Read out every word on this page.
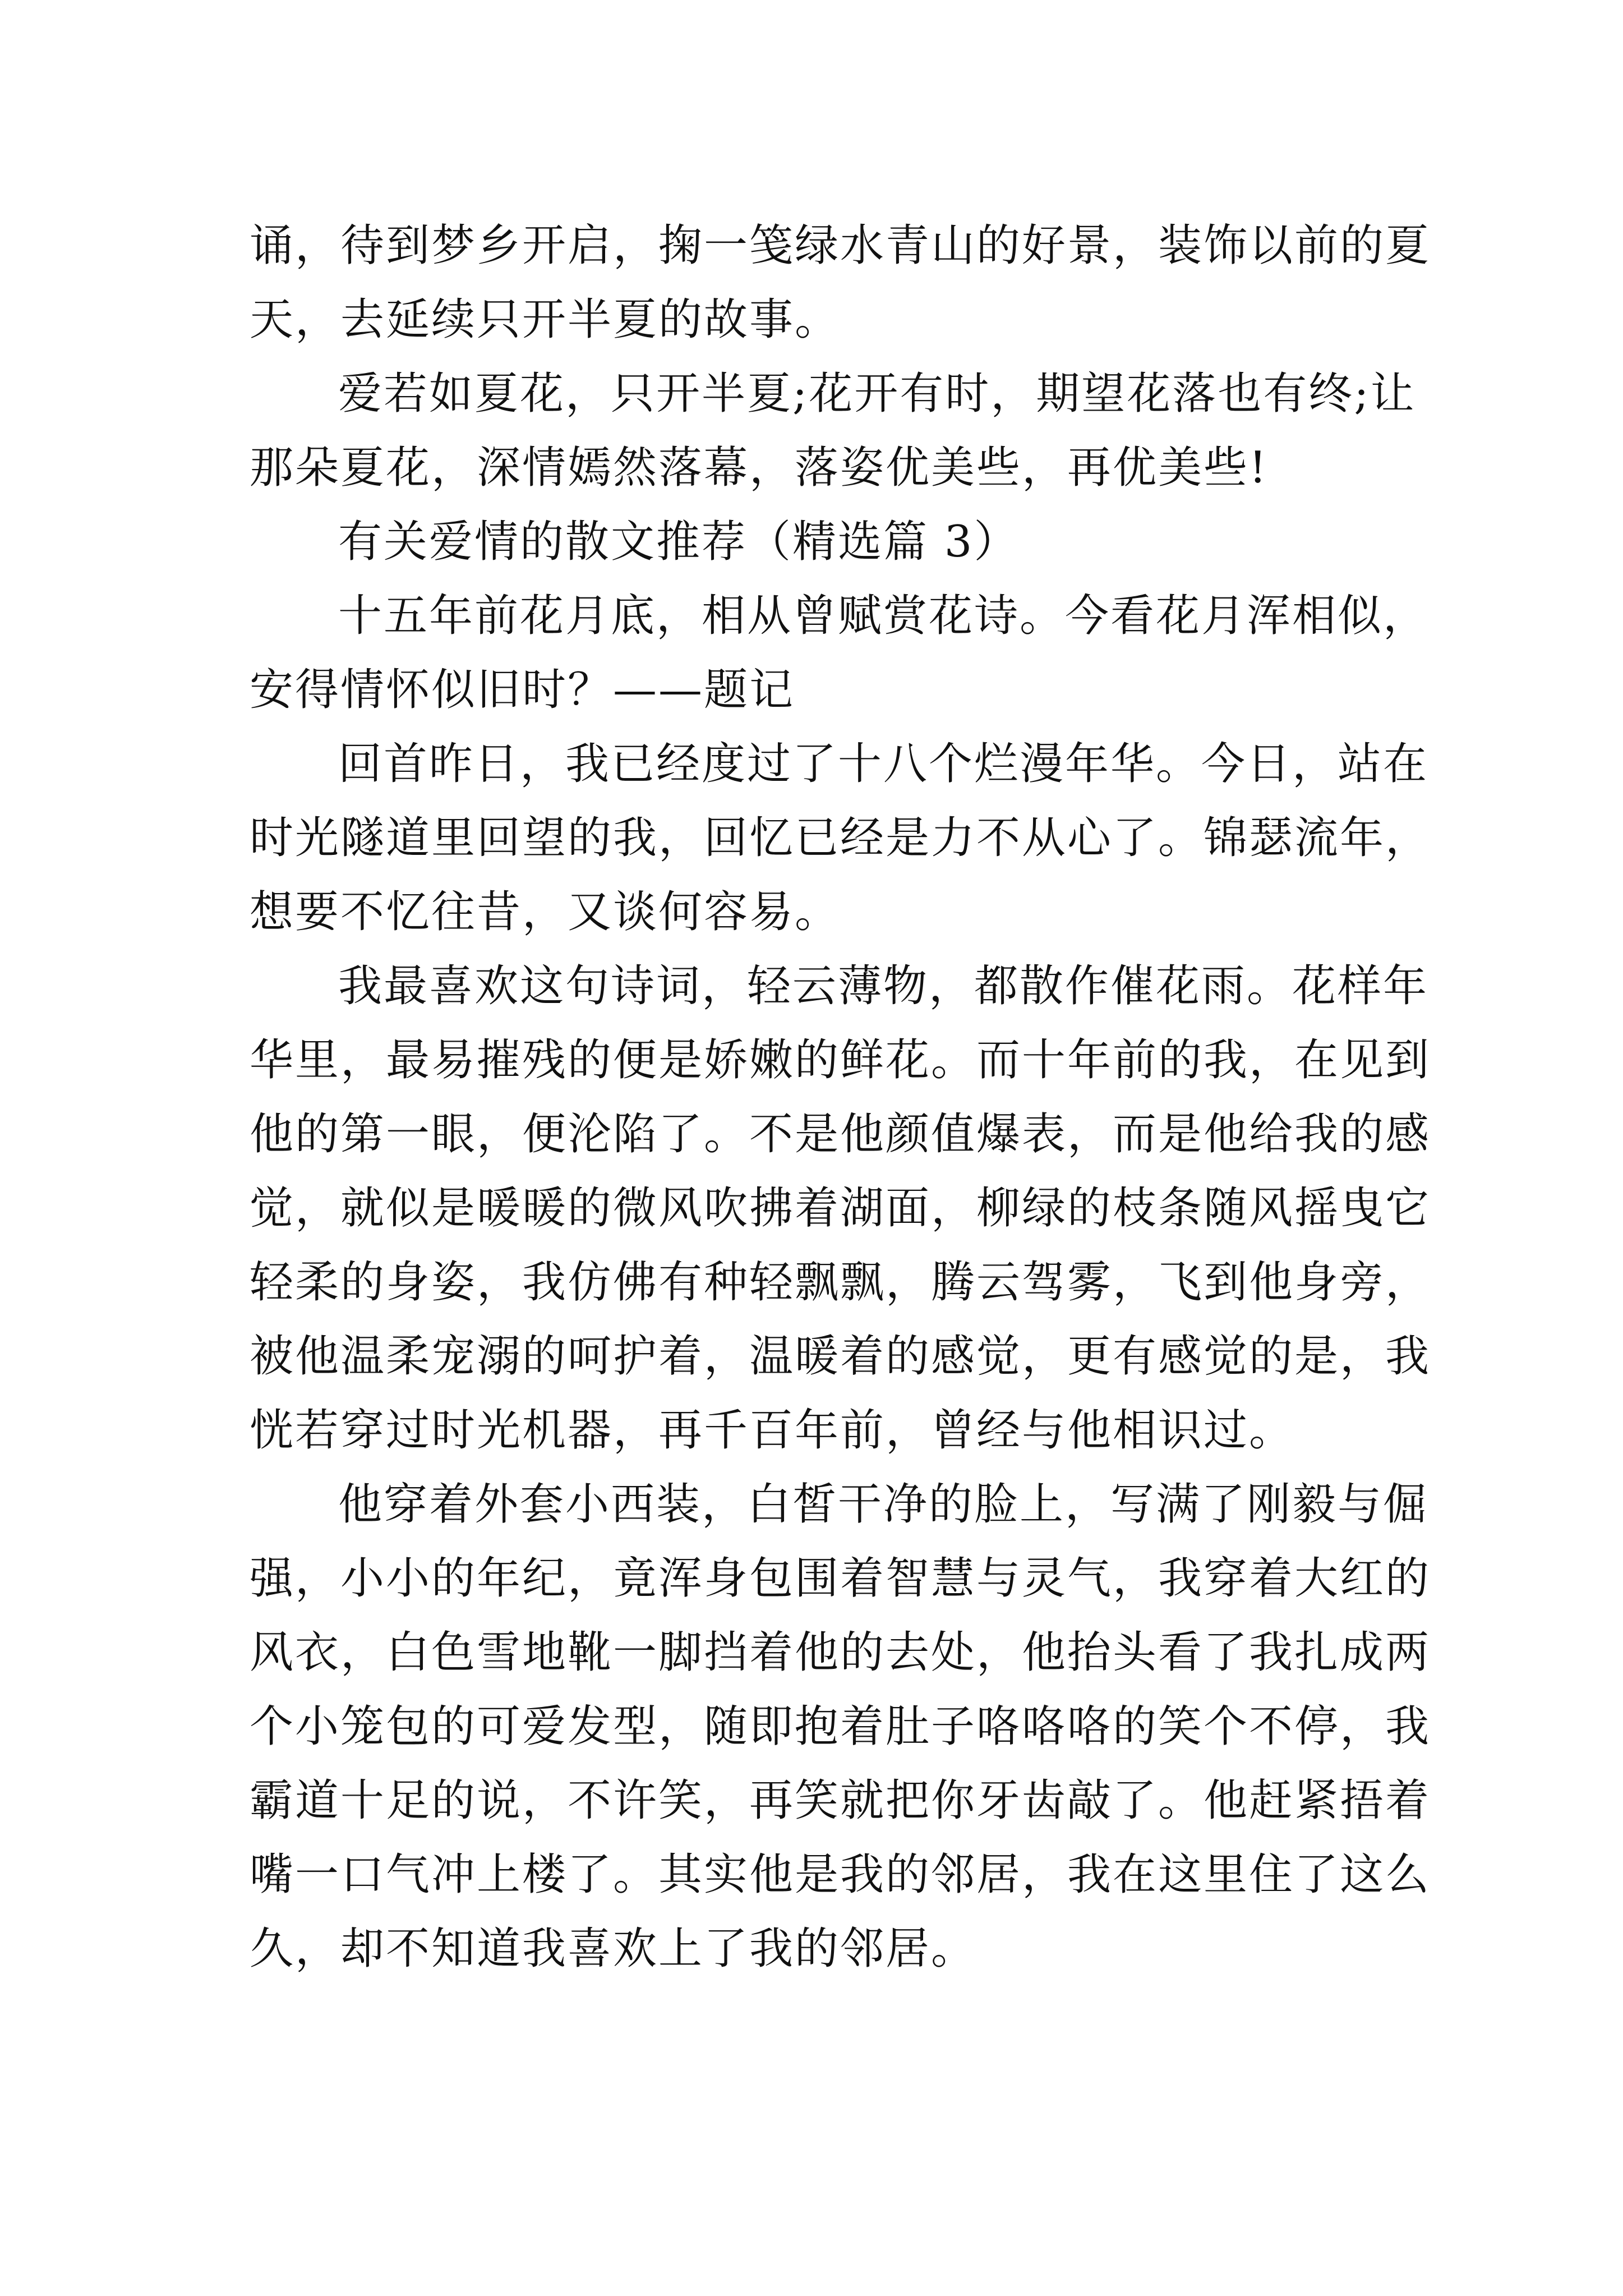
诵，待到梦乡开启，掬一笺绿水青山的好景，装饰以前的夏
天，去延续只开半夏的故事。

爱若如夏花，只开半夏;花开有时，期望花落也有终;让
那朵夏花，深情嫣然落幕，落姿优美些，再优美些!

有关爱情的散文推荐（精选篇 3）

十五年前花月底，相从曾赋赏花诗。今看花月浑相似，
安得情怀似旧时？——题记

回首昨日，我已经度过了十八个烂漫年华。今日，站在
时光隧道里回望的我，回忆已经是力不从心了。锦瑟流年，
想要不忆往昔，又谈何容易。

我最喜欢这句诗词，轻云薄物，都散作催花雨。花样年
华里，最易摧残的便是娇嫩的鲜花。而十年前的我，在见到
他的第一眼，便沦陷了。不是他颜值爆表，而是他给我的感
觉，就似是暖暖的微风吹拂着湖面，柳绿的枝条随风摇曳它
轻柔的身姿，我仿佛有种轻飘飘，腾云驾雾，飞到他身旁，
被他温柔宠溺的呵护着，温暖着的感觉，更有感觉的是，我
恍若穿过时光机器，再千百年前，曾经与他相识过。

他穿着外套小西装，白皙干净的脸上，写满了刚毅与倔
强，小小的年纪，竟浑身包围着智慧与灵气，我穿着大红的
风衣，白色雪地靴一脚挡着他的去处，他抬头看了我扎成两
个小笼包的可爱发型，随即抱着肚子咯咯咯的笑个不停，我
霸道十足的说，不许笑，再笑就把你牙齿敲了。他赶紧捂着
嘴一口气冲上楼了。其实他是我的邻居，我在这里住了这么
久，却不知道我喜欢上了我的邻居。
